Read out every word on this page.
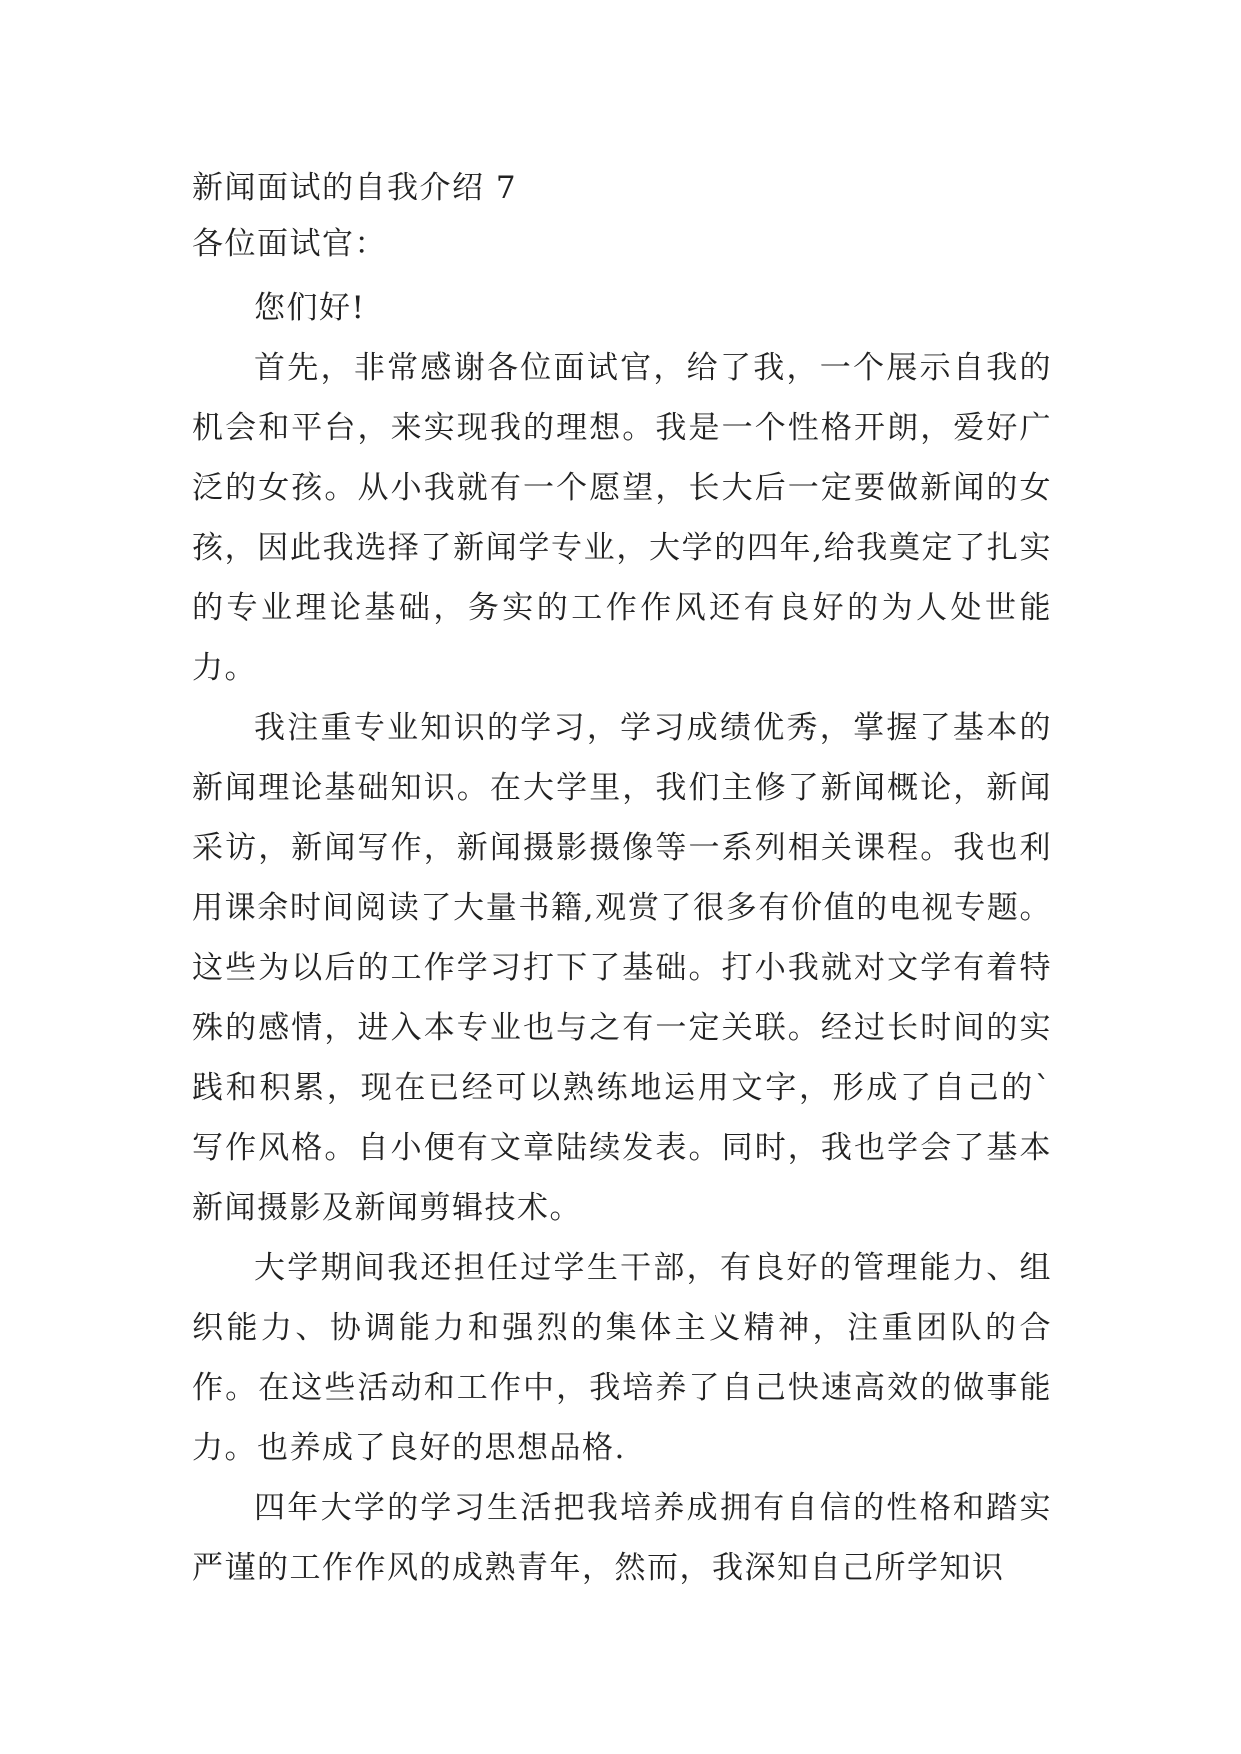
新闻面试的自我介绍 7
各位面试官：

您们好!

首先，非常感谢各位面试官，给了我，一个展示自我的机会和平台，来实现我的理想。我是一个性格开朗，爱好广泛的女孩。从小我就有一个愿望，长大后一定要做新闻的女孩，因此我选择了新闻学专业，大学的四年,给我奠定了扎实的专业理论基础，务实的工作作风还有良好的为人处世能力。

我注重专业知识的学习，学习成绩优秀，掌握了基本的新闻理论基础知识。在大学里，我们主修了新闻概论，新闻采访，新闻写作，新闻摄影摄像等一系列相关课程。我也利用课余时间阅读了大量书籍,观赏了很多有价值的电视专题。这些为以后的工作学习打下了基础。打小我就对文学有着特殊的感情，进入本专业也与之有一定关联。经过长时间的实践和积累，现在已经可以熟练地运用文字，形成了自己的`写作风格。自小便有文章陆续发表。同时，我也学会了基本新闻摄影及新闻剪辑技术。

大学期间我还担任过学生干部，有良好的管理能力、组织能力、协调能力和强烈的集体主义精神，注重团队的合作。在这些活动和工作中，我培养了自己快速高效的做事能力。也养成了良好的思想品格.

四年大学的学习生活把我培养成拥有自信的性格和踏实严谨的工作作风的成熟青年，然而，我深知自己所学知识
